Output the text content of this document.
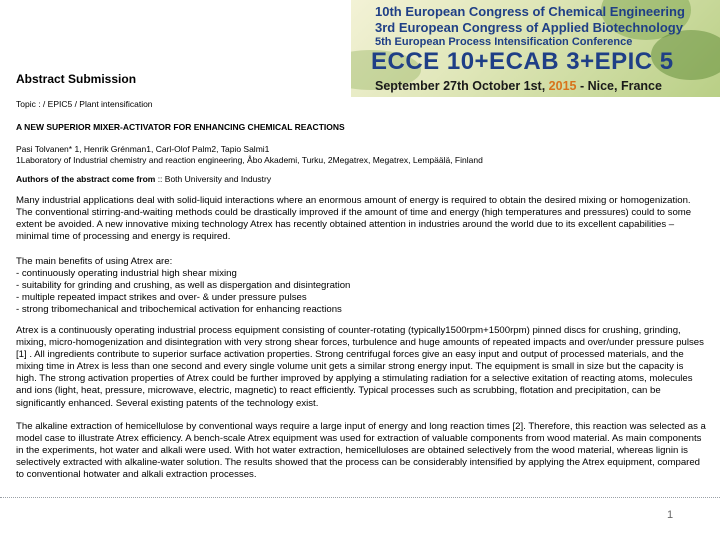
10th European Congress of Chemical Engineering
3rd European Congress of Applied Biotechnology
5th European Process Intensification Conference
ECCE 10+ECAB 3+EPIC 5
September 27th October 1st, 2015 - Nice, France
Abstract Submission
Topic : / EPIC5 / Plant intensification
A NEW SUPERIOR MIXER-ACTIVATOR FOR ENHANCING CHEMICAL REACTIONS
Pasi Tolvanen* 1, Henrik Grénman1, Carl-Olof Palm2, Tapio Salmi1
1Laboratory of Industrial chemistry and reaction engineering, Åbo Akademi, Turku, 2Megatrex, Megatrex, Lempäälä, Finland
Authors of the abstract come from :: Both University and Industry

Many industrial applications deal with solid-liquid interactions where an enormous amount of energy is required to obtain the desired mixing or homogenization. The conventional stirring-and-waiting methods could be drastically improved if the amount of time and energy (high temperatures and pressures) could to some extent be avoided. A new innovative mixing technology Atrex has recently obtained attention in industries around the world due to its excellent capabilities – minimal time of processing and energy is required.

The main benefits of using Atrex are:

- continuously operating industrial high shear mixing
- suitability for grinding and crushing, as well as dispergation and disintegration
- multiple repeated impact strikes and over- & under pressure pulses
- strong tribomechanical and tribochemical activation for enhancing reactions

Atrex is a continuously operating industrial process equipment consisting of counter-rotating (typically1500rpm+1500rpm) pinned discs for crushing, grinding, mixing, micro-homogenization and disintegration with very strong shear forces, turbulence and huge amounts of repeated impacts and over/under pressure pulses [1] . All ingredients contribute to superior surface activation properties. Strong centrifugal forces give an easy input and output of processed materials, and the mixing time in Atrex is less than one second and every single volume unit gets a similar strong energy input. The equipment is small in size but the capacity is high. The strong activation properties of Atrex could be further improved by applying a stimulating radiation for a selective exitation of reacting atoms, molecules and ions (light, heat, pressure, microwave, electric, magnetic) to react efficiently. Typical processes such as scrubbing, flotation and precipitation, can be significantly enhanced. Several existing patents of the technology exist.

The alkaline extraction of hemicellulose by conventional ways require a large input of energy and long reaction times [2]. Therefore, this reaction was selected as a model case to illustrate Atrex efficiency. A bench-scale Atrex equipment was used for extraction of valuable components from wood material. As main components in the experiments, hot water and alkali were used. With hot water extraction, hemicelluloses are obtained selectively from the wood material, whereas lignin is selectively extracted with alkaline-water solution. The results showed that the process can be considerably intensified by applying the Atrex equipment, compared to conventional hotwater and alkali extraction processes.

1
